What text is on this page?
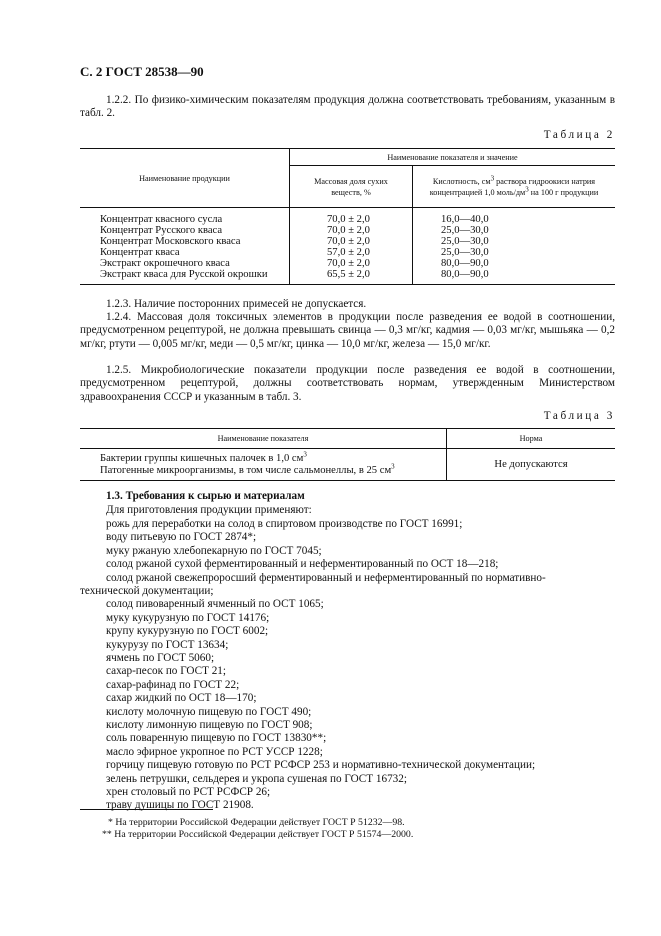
С. 2 ГОСТ 28538—90
1.2.2. По физико-химическим показателям продукция должна соответствовать требованиям, указанным в табл. 2.
Таблица 2
Наименование продукции	Наименование показателя и значение	
	Массовая доля сухих веществ, %	Кислотность, $см^3$ раствора гидроокиси натрия концентрацией 1,0 моль/$дм^3$ на 100 г продукции
Концентрат квасного сусла	70,0 ± 2,0	16,0—40,0
Концентрат Русского кваса	70,0 ± 2,0	25,0—30,0
Концентрат Московского кваса	70,0 ± 2,0	25,0—30,0
Концентрат кваса	57,0 ± 2,0	25,0—30,0
Экстракт окрошечного кваса	70,0 ± 2,0	80,0—90,0
Экстракт кваса для Русской окрошки	65,5 ± 2,0	80,0—90,0
1.2.3. Наличие посторонних примесей не допускается.
1.2.4. Массовая доля токсичных элементов в продукции после разведения ее водой в соотношении, предусмотренном рецептурой, не должна превышать свинца — 0,3 мг/кг, кадмия — 0,03 мг/кг, мышьяка — 0,2 мг/кг, ртути — 0,005 мг/кг, меди — 0,5 мг/кг, цинка — 10,0 мг/кг, железа — 15,0 мг/кг.
1.2.5. Микробиологические показатели продукции после разведения ее водой в соотношении, предусмотренном рецептурой, должны соответствовать нормам, утвержденным Министерством здравоохранения СССР и указанным в табл. 3.
Таблица 3
Наименование показателя	Норма

Бактерии группы кишечных палочек в 1,0 $см^3$
Патогенные микроорганизмы, в том числе сальмонеллы, в 25 $см^3$	Не допускаются
1.3. Требования к сырью и материалам
Для приготовления продукции применяют:
рожь для переработки на солод в спиртовом производстве по ГОСТ 16991;
воду питьевую по ГОСТ 2874*;
муку ржаную хлебопекарную по ГОСТ 7045;
солод ржаной сухой ферментированный и неферментированный по ОСТ 18—218;
солод ржаной свежепроросший ферментированный и неферментированный по нормативно-
технической документации;
солод пивоваренный ячменный по ОСТ 1065;
муку кукурузную по ГОСТ 14176;
крупу кукурузную по ГОСТ 6002;
кукурузу по ГОСТ 13634;
ячмень по ГОСТ 5060;
сахар-песок по ГОСТ 21;
сахар-рафинад по ГОСТ 22;
сахар жидкий по ОСТ 18—170;
кислоту молочную пищевую по ГОСТ 490;
кислоту лимонную пищевую по ГОСТ 908;
соль поваренную пищевую по ГОСТ 13830**;
масло эфирное укропное по РСТ УССР 1228;
горчицу пищевую готовую по РСТ РСФСР 253 и нормативно-технической документации;
зелень петрушки, сельдерея и укропа сушеная по ГОСТ 16732;
хрен столовый по РСТ РСФСР 26;
траву душицы по ГОСТ 21908.
* На территории Российской Федерации действует ГОСТ Р 51232—98.
** На территории Российской Федерации действует ГОСТ Р 51574—2000.
